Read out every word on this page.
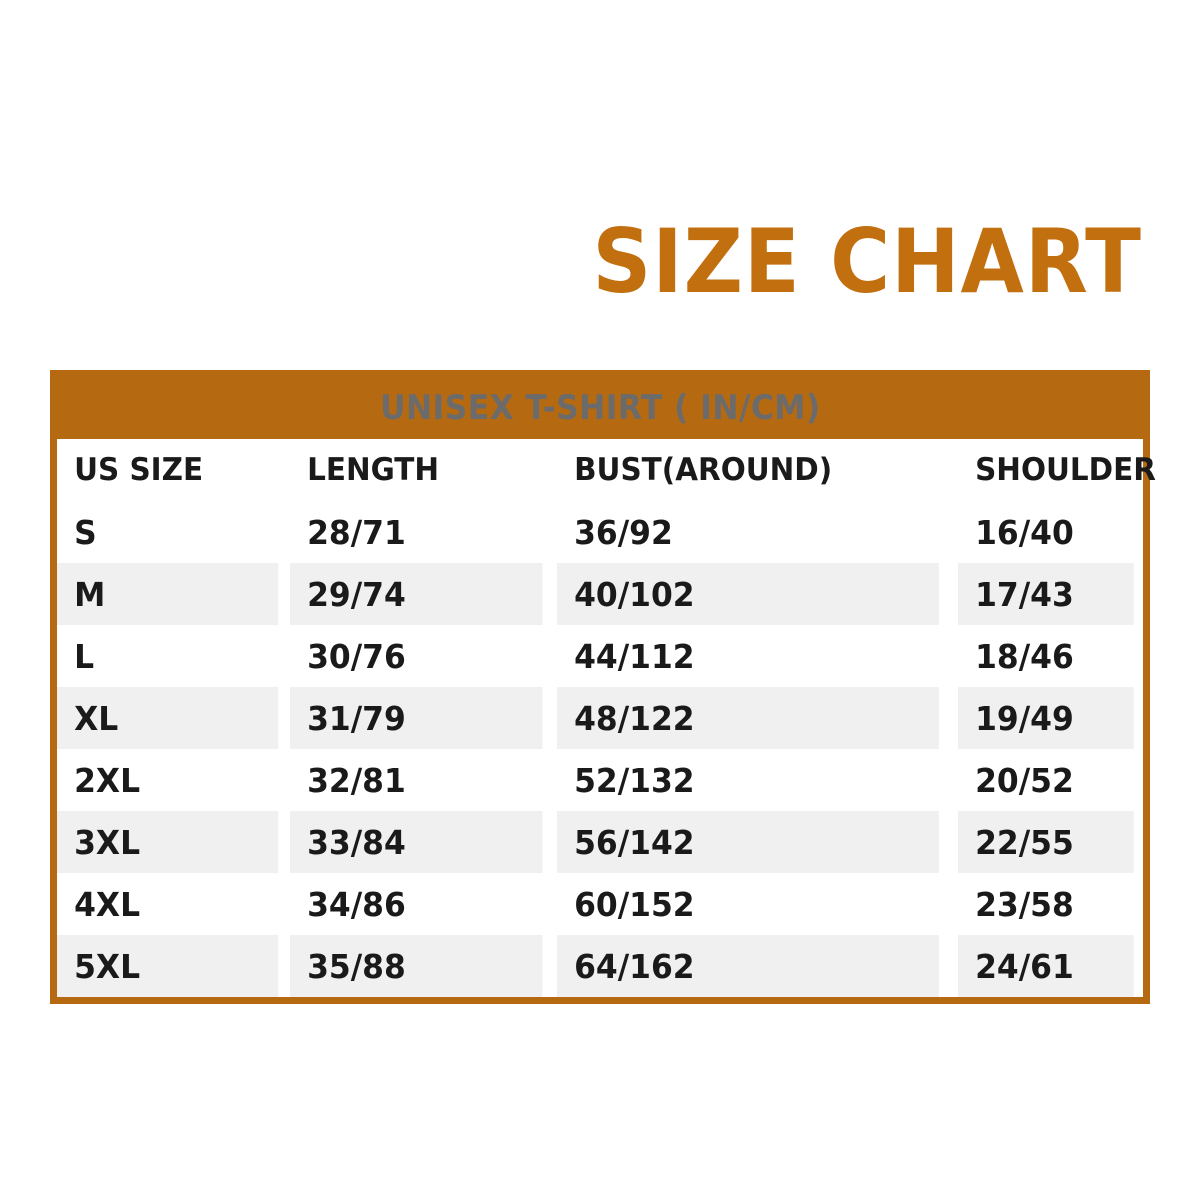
SIZE CHART
UNISEX T-SHIRT ( IN/CM)
US SIZE	LENGTH	BUST(AROUND)	SHOULDER
S	28/71	36/92	16/40
M	29/74	40/102	17/43
L	30/76	44/112	18/46
XL	31/79	48/122	19/49
2XL	32/81	52/132	20/52
3XL	33/84	56/142	22/55
4XL	34/86	60/152	23/58
5XL	35/88	64/162	24/61
